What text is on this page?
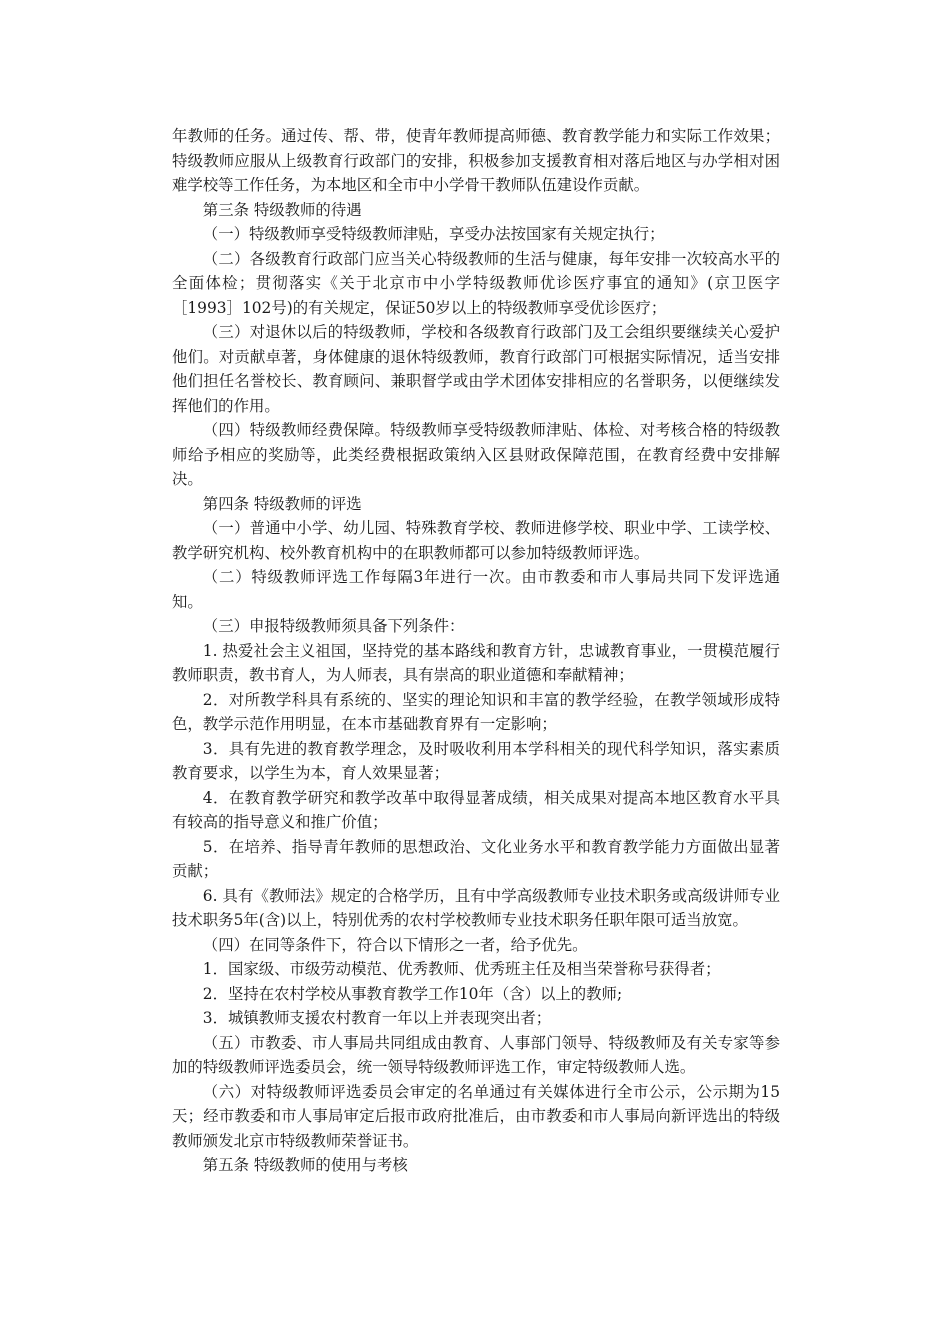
年教师的任务。通过传、帮、带，使青年教师提高师德、教育教学能力和实际工作效果；特级教师应服从上级教育行政部门的安排，积极参加支援教育相对落后地区与办学相对困难学校等工作任务，为本地区和全市中小学骨干教师队伍建设作贡献。

第三条 特级教师的待遇

（一）特级教师享受特级教师津贴，享受办法按国家有关规定执行；

（二）各级教育行政部门应当关心特级教师的生活与健康，每年安排一次较高水平的全面体检；贯彻落实《关于北京市中小学特级教师优诊医疗事宜的通知》(京卫医字［1993］102号)的有关规定，保证50岁以上的特级教师享受优诊医疗；

（三）对退休以后的特级教师，学校和各级教育行政部门及工会组织要继续关心爱护他们。对贡献卓著，身体健康的退休特级教师，教育行政部门可根据实际情况，适当安排他们担任名誉校长、教育顾问、兼职督学或由学术团体安排相应的名誉职务，以便继续发挥他们的作用。

（四）特级教师经费保障。特级教师享受特级教师津贴、体检、对考核合格的特级教师给予相应的奖励等，此类经费根据政策纳入区县财政保障范围，在教育经费中安排解决。

第四条 特级教师的评选

（一）普通中小学、幼儿园、特殊教育学校、教师进修学校、职业中学、工读学校、教学研究机构、校外教育机构中的在职教师都可以参加特级教师评选。

（二）特级教师评选工作每隔3年进行一次。由市教委和市人事局共同下发评选通知。

（三）申报特级教师须具备下列条件：

1. 热爱社会主义祖国，坚持党的基本路线和教育方针，忠诚教育事业，一贯模范履行教师职责，教书育人，为人师表，具有崇高的职业道德和奉献精神；

2．对所教学科具有系统的、坚实的理论知识和丰富的教学经验，在教学领域形成特色，教学示范作用明显，在本市基础教育界有一定影响；

3．具有先进的教育教学理念，及时吸收利用本学科相关的现代科学知识，落实素质教育要求，以学生为本，育人效果显著；

4．在教育教学研究和教学改革中取得显著成绩，相关成果对提高本地区教育水平具有较高的指导意义和推广价值；

5．在培养、指导青年教师的思想政治、文化业务水平和教育教学能力方面做出显著贡献；

6. 具有《教师法》规定的合格学历，且有中学高级教师专业技术职务或高级讲师专业技术职务5年(含)以上，特别优秀的农村学校教师专业技术职务任职年限可适当放宽。

（四）在同等条件下，符合以下情形之一者，给予优先。

1．国家级、市级劳动模范、优秀教师、优秀班主任及相当荣誉称号获得者；

2．坚持在农村学校从事教育教学工作10年（含）以上的教师;

3．城镇教师支援农村教育一年以上并表现突出者；

（五）市教委、市人事局共同组成由教育、人事部门领导、特级教师及有关专家等参加的特级教师评选委员会，统一领导特级教师评选工作，审定特级教师人选。

（六）对特级教师评选委员会审定的名单通过有关媒体进行全市公示，公示期为15天；经市教委和市人事局审定后报市政府批准后，由市教委和市人事局向新评选出的特级教师颁发北京市特级教师荣誉证书。

第五条 特级教师的使用与考核
